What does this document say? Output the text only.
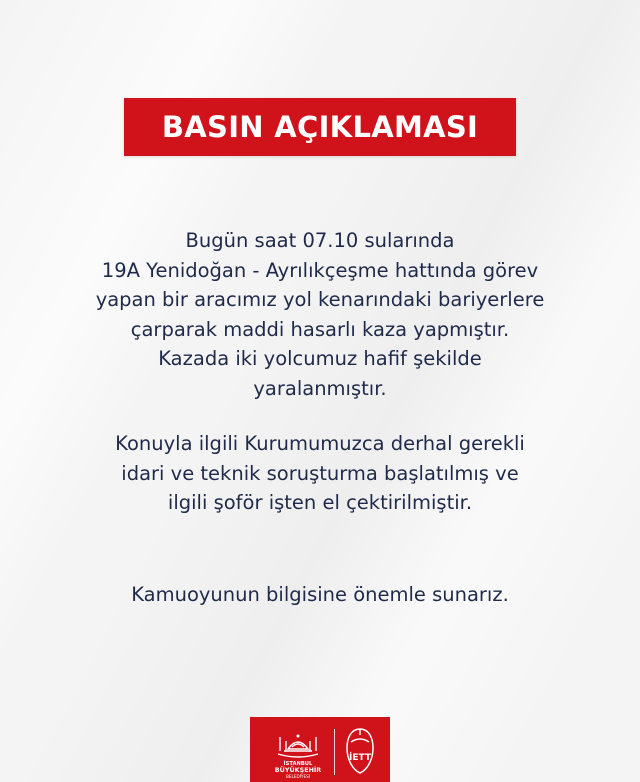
BASIN AÇIKLAMASI
Bugün saat 07.10 sularında
19A Yenidoğan - Ayrılıkçeşme hattında görev
yapan bir aracımız yol kenarındaki bariyerlere
çarparak maddi hasarlı kaza yapmıştır.
Kazada iki yolcumuz hafif şekilde
yaralanmıştır.
Konuyla ilgili Kurumumuzca derhal gerekli
idari ve teknik soruşturma başlatılmış ve
ilgili şoför işten el çektirilmiştir.
Kamuoyunun bilgisine önemle sunarız.
İSTANBUL
BÜYÜKŞEHİR
BELEDİYESİ
İETT
